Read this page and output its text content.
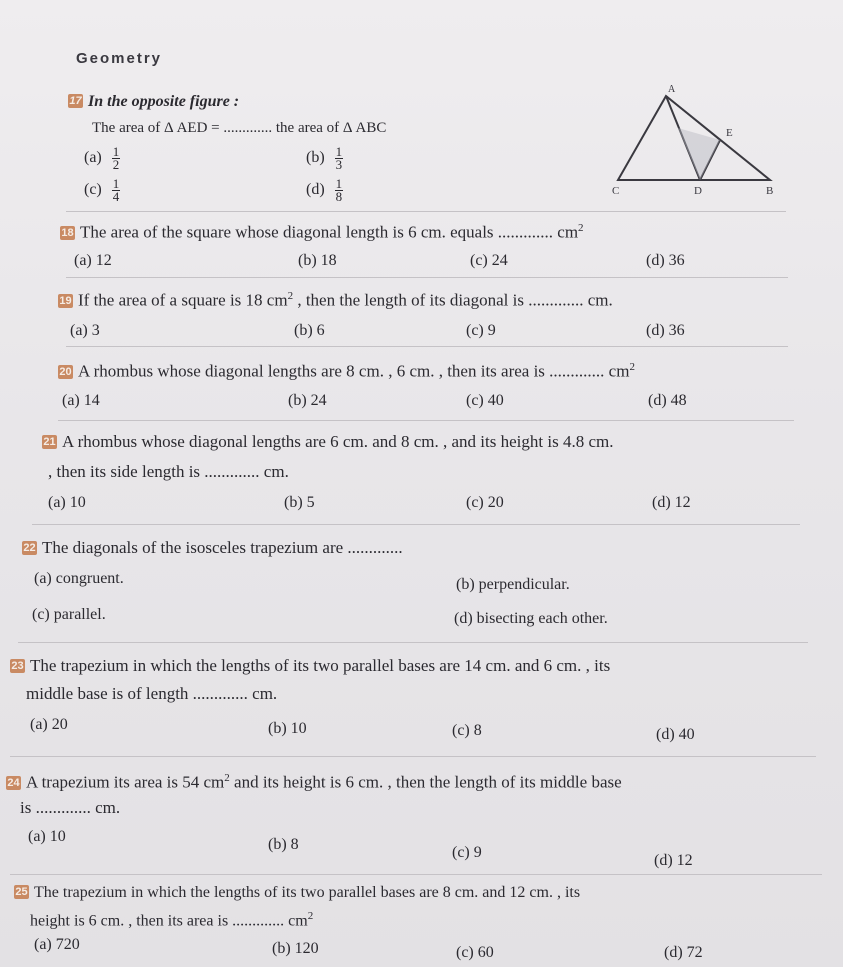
Geometry
17 In the opposite figure :
The area of Δ AED = ............. the area of Δ ABC
$(a) \frac{1}{2}$	$(b) \frac{1}{3}$
$(c) \frac{1}{4}$	$(d) \frac{1}{8}$
A
E
C	D	B
18 The area of the square whose diagonal length is 6 cm. equals ............. $cm^2$
(a) 12	(b) 18	(c) 24	(d) 36
19 If the area of a square is 18 $cm^2$ , then the length of its diagonal is ............. cm.
(a) 3	(b) 6	(c) 9	(d) 36
20 A rhombus whose diagonal lengths are 8 cm. , 6 cm. , then its area is ............. $cm^2$
(a) 14	(b) 24	(c) 40	(d) 48
21 A rhombus whose diagonal lengths are 6 cm. and 8 cm. , and its height is 4.8 cm.
, then its side length is ............. cm.
(a) 10	(b) 5	(c) 20	(d) 12
22 The diagonals of the isosceles trapezium are .............
(a) congruent.	(b) perpendicular.
(c) parallel.	(d) bisecting each other.
23 The trapezium in which the lengths of its two parallel bases are 14 cm. and 6 cm. , its
middle base is of length ............. cm.
(a) 20	(b) 10	(c) 8	(d) 40
24 A trapezium its area is 54 $cm^2$ and its height is 6 cm. , then the length of its middle base
is ............. cm.
(a) 10	(b) 8	(c) 9	(d) 12
25 The trapezium in which the lengths of its two parallel bases are 8 cm. and 12 cm. , its
height is 6 cm. , then its area is ............. $cm^2$
(a) 720	(b) 120	(c) 60	(d) 72
